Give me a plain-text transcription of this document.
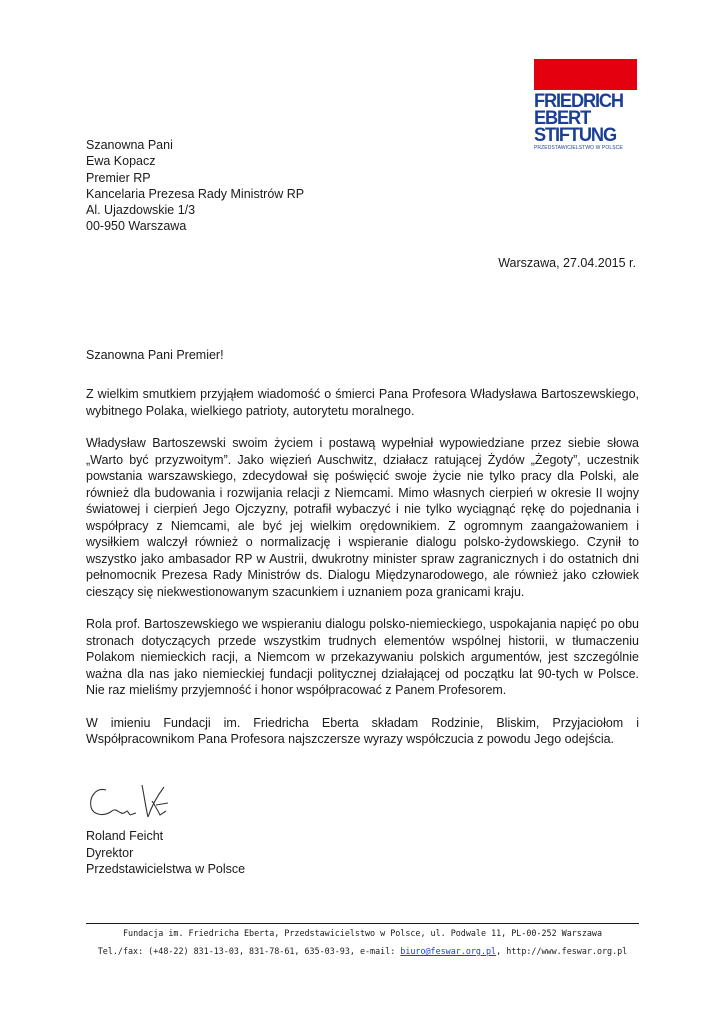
FRIEDRICH
EBERT
STIFTUNG
PRZEDSTAWICIELSTWO W POLSCE
Szanowna Pani
Ewa Kopacz
Premier RP
Kancelaria Prezesa Rady Ministrów RP
Al. Ujazdowskie 1/3
00-950 Warszawa
Warszawa, 27.04.2015 r.
Szanowna Pani Premier!

Z wielkim smutkiem przyjąłem wiadomość o śmierci Pana Profesora Władysława Bartoszewskiego, wybitnego Polaka, wielkiego patrioty, autorytetu moralnego.

Władysław Bartoszewski swoim życiem i postawą wypełniał wypowiedziane przez siebie słowa „Warto być przyzwoitym”. Jako więzień Auschwitz, działacz ratującej Żydów „Żegoty”, uczestnik powstania warszawskiego, zdecydował się poświęcić swoje życie nie tylko pracy dla Polski, ale również dla budowania i rozwijania relacji z Niemcami. Mimo własnych cierpień w okresie II wojny światowej i cierpień Jego Ojczyzny, potrafił wybaczyć i nie tylko wyciągnąć rękę do pojednania i współpracy z Niemcami, ale być jej wielkim orędownikiem. Z ogromnym zaangażowaniem i wysiłkiem walczył również o normalizację i wspieranie dialogu polsko-żydowskiego. Czynił to wszystko jako ambasador RP w Austrii, dwukrotny minister spraw zagranicznych i do ostatnich dni pełnomocnik Prezesa Rady Ministrów ds. Dialogu Międzynarodowego, ale również jako człowiek cieszący się niekwestionowanym szacunkiem i uznaniem poza granicami kraju.

Rola prof. Bartoszewskiego we wspieraniu dialogu polsko-niemieckiego, uspokajania napięć po obu stronach dotyczących przede wszystkim trudnych elementów wspólnej historii, w tłumaczeniu Polakom niemieckich racji, a Niemcom w przekazywaniu polskich argumentów, jest szczególnie ważna dla nas jako niemieckiej fundacji politycznej działającej od początku lat 90-tych w Polsce. Nie raz mieliśmy przyjemność i honor współpracować z Panem Profesorem.

W imieniu Fundacji im. Friedricha Eberta składam Rodzinie, Bliskim, Przyjaciołom i Współpracownikom Pana Profesora najszczersze wyrazy współczucia z powodu Jego odejścia.

Roland Feicht
Dyrektor
Przedstawicielstwa w Polsce
Fundacja im. Friedricha Eberta, Przedstawicielstwo w Polsce, ul. Podwale 11, PL-00-252 Warszawa
Tel./fax: (+48-22) 831-13-03, 831-78-61, 635-03-93, e-mail: biuro@feswar.org.pl, http://www.feswar.org.pl
